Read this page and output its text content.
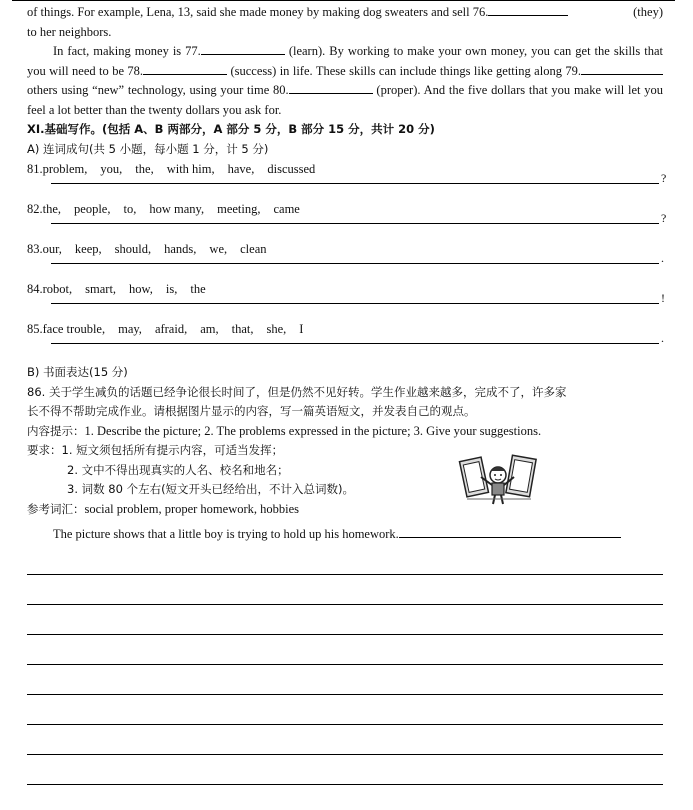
of things. For example, Lena, 13, said she made money by making dog sweaters and sell 76.	(they)

to her neighbors.

In fact, making money is 77.	(learn). By working to make your own money, you can get the skills that you will need to be 78.	(success) in life. These skills can include things like getting along 79. others using “new” technology, using your time 80.	(proper). And the five dollars that you make will let you feel a lot better than the twenty dollars you ask for.

XI.基础写作。(包括 A、B 两部分，A 部分 5 分，B 部分 15 分，共计 20 分)

A) 连词成句(共 5 小题，每小题 1 分，计 5 分)

81.problem, you, the, with him, have, discussed
?
82.the, people, to, how many, meeting, came
?
83.our, keep, should, hands, we, clean
.
84.robot, smart, how, is, the
!
85.face trouble, may, afraid, am, that, she, I
.

B) 书面表达(15 分)

86. 关于学生减负的话题已经争论很长时间了，但是仍然不见好转。学生作业越来越多，完成不了，许多家

长不得不帮助完成作业。请根据图片显示的内容，写一篇英语短文，并发表自己的观点。

内容提示：1. Describe the picture; 2. The problems expressed in the picture; 3. Give your suggestions.

要求：1. 短文须包括所有提示内容，可适当发挥；

2. 文中不得出现真实的人名、校名和地名；

3. 词数 80 个左右(短文开头已经给出，不计入总词数)。

参考词汇：social problem, proper homework, hobbies

The picture shows that a little boy is trying to hold up his homework.
